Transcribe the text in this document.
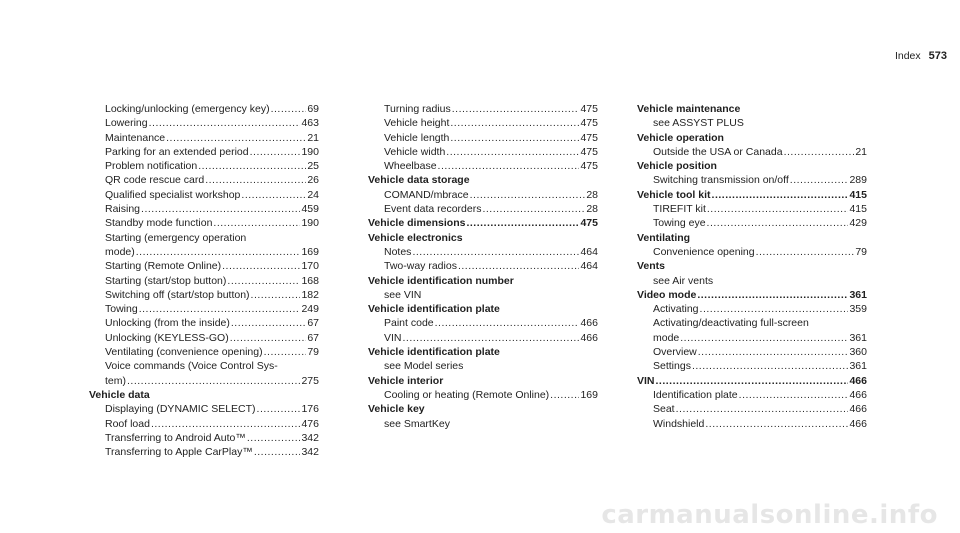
Index 573
Locking/unlocking (emergency key) .....	69
Lowering .....	463
Maintenance .....	21
Parking for an extended period .....	190
Problem notification .....	25
QR code rescue card .....	26
Qualified specialist workshop .....	24
Raising .....	459
Standby mode function .....	190
Starting (emergency operation
mode) .....	169
Starting (Remote Online) .....	170
Starting (start/stop button) .....	168
Switching off (start/stop button) .....	182
Towing .....	249
Unlocking (from the inside) .....	67
Unlocking (KEYLESS-GO) .....	67
Ventilating (convenience opening) .....	79
Voice commands (Voice Control Sys-
tem) .....	275
Vehicle data
Displaying (DYNAMIC SELECT) .....	176
Roof load .....	476
Transferring to Android Auto™ .....	342
Transferring to Apple CarPlay™ .....	342
Turning radius .....	475
Vehicle height .....	475
Vehicle length .....	475
Vehicle width .....	475
Wheelbase .....	475
Vehicle data storage
COMAND/mbrace .....	28
Event data recorders .....	28
Vehicle dimensions .....	475
Vehicle electronics
Notes .....	464
Two-way radios .....	464
Vehicle identification number
see VIN
Vehicle identification plate
Paint code .....	466
VIN .....	466
Vehicle identification plate
see Model series
Vehicle interior
Cooling or heating (Remote Online) .....	169
Vehicle key
see SmartKey
Vehicle maintenance
see ASSYST PLUS
Vehicle operation
Outside the USA or Canada .....	21
Vehicle position
Switching transmission on/off .....	289
Vehicle tool kit .....	415
TIREFIT kit .....	415
Towing eye .....	429
Ventilating
Convenience opening .....	79
Vents
see Air vents
Video mode .....	361
Activating .....	359
Activating/deactivating full-screen
mode .....	361
Overview .....	360
Settings .....	361
VIN .....	466
Identification plate .....	466
Seat .....	466
Windshield .....	466
carmanualsonline.info
